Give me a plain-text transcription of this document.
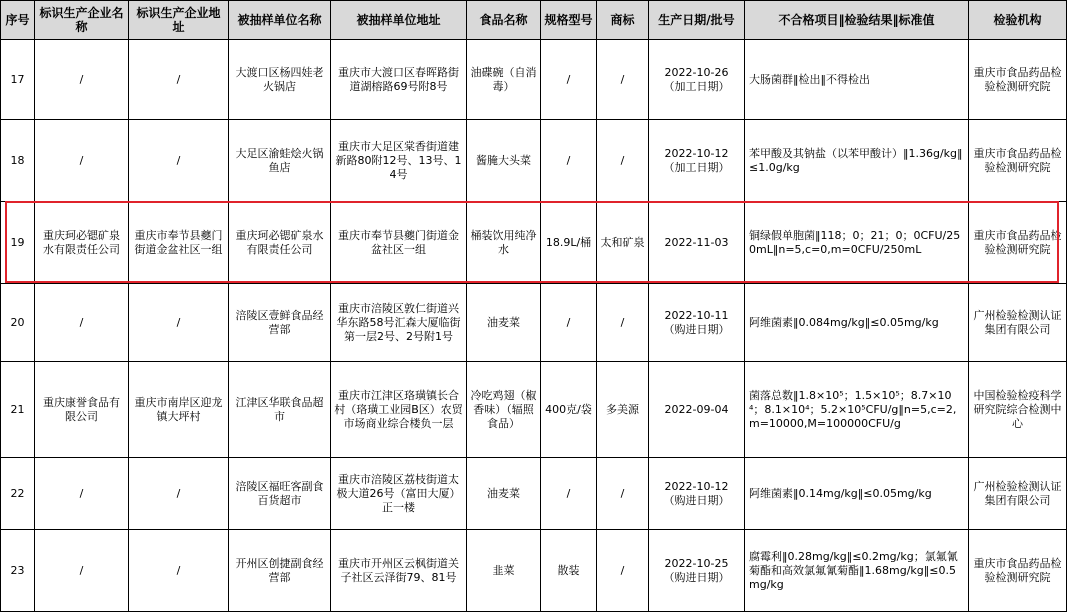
序号	标识生产企业名称	标识生产企业地址	被抽样单位名称	被抽样单位地址	食品名称	规格型号	商标	生产日期/批号	不合格项目‖检验结果‖标准值	检验机构
17	/	/	大渡口区杨四娃老火锅店	重庆市大渡口区春晖路街道湖榕路69号附8号	油碟碗（自消毒）	/	/	2022-10-26 （加工日期）	大肠菌群‖检出‖不得检出	重庆市食品药品检验检测研究院
18	/	/	大足区渝蛙烩火锅鱼店	重庆市大足区棠香街道建新路80附12号、13号、14号	酱腌大头菜	/	/	2022-10-12 （加工日期）	苯甲酸及其钠盐（以苯甲酸计）‖1.36g/kg‖≤1.0g/kg	重庆市食品药品检验检测研究院
19	重庆珂必锶矿泉水有限责任公司	重庆市奉节县夔门街道金盆社区一组	重庆珂必锶矿泉水有限责任公司	重庆市奉节县夔门街道金盆社区一组	桶装饮用纯净水	18.9L/桶	太和矿泉	2022-11-03	铜绿假单胞菌‖118；0；21；0；0CFU/250mL‖n=5,c=0,m=0CFU/250mL	重庆市食品药品检验检测研究院
20	/	/	涪陵区壹鲜食品经营部	重庆市涪陵区敦仁街道兴华东路58号汇森大厦临街第一层2号、2号附1号	油麦菜	/	/	2022-10-11 （购进日期）	阿维菌素‖0.084mg/kg‖≤0.05mg/kg	广州检验检测认证集团有限公司
21	重庆康誉食品有限公司	重庆市南岸区迎龙镇大坪村	江津区华联食品超市	重庆市江津区珞璜镇长合村（珞璜工业园B区）农贸市场商业综合楼负一层	冷吃鸡翅（椒香味）（辐照食品）	400克/袋	多美源	2022-09-04	菌落总数‖1.8×10⁵；1.5×10⁵；8.7×10⁴；8.1×10⁴；5.2×10⁵CFU/g‖n=5,c=2,m=10000,M=100000CFU/g	中国检验检疫科学研究院综合检测中心
22	/	/	涪陵区福旺客副食百货超市	重庆市涪陵区荔枝街道太极大道26号（富田大厦）正一楼	油麦菜	/	/	2022-10-12 （购进日期）	阿维菌素‖0.14mg/kg‖≤0.05mg/kg	广州检验检测认证集团有限公司
23	/	/	开州区创捷副食经营部	重庆市开州区云枫街道关子社区云泽街79、81号	韭菜	散装	/	2022-10-25 （购进日期）	腐霉利‖0.28mg/kg‖≤0.2mg/kg；氯氟氰菊酯和高效氯氟氰菊酯‖1.68mg/kg‖≤0.5mg/kg	重庆市食品药品检验检测研究院
